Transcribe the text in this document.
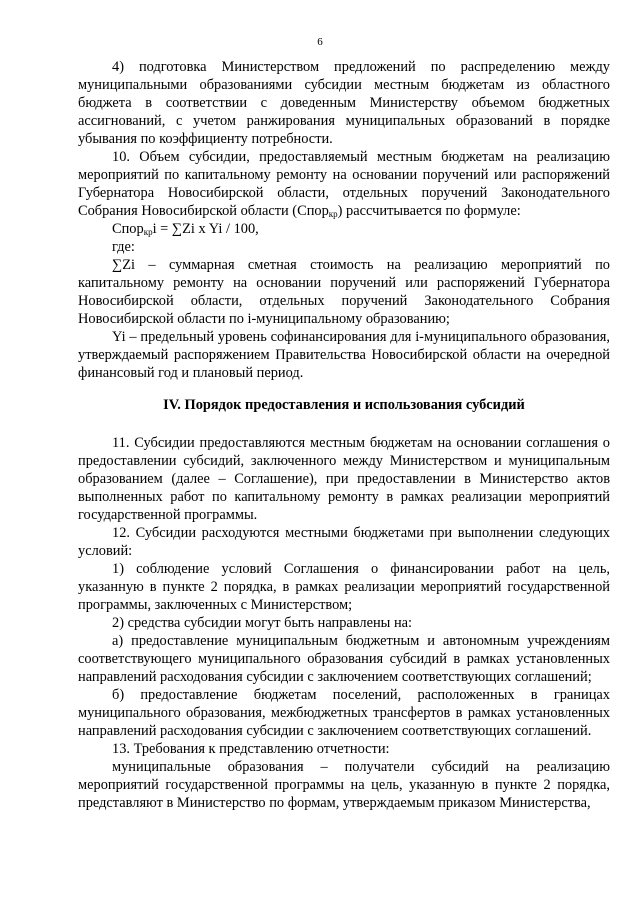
6

4) подготовка Министерством предложений по распределению между муниципальными образованиями субсидии местным бюджетам из областного бюджета в соответствии с доведенным Министерству объемом бюджетных ассигнований, с учетом ранжирования муниципальных образований в порядке убывания по коэффициенту потребности.

10. Объем субсидии, предоставляемый местным бюджетам на реализацию мероприятий по капитальному ремонту на основании поручений или распоряжений Губернатора Новосибирской области, отдельных поручений Законодательного Собрания Новосибирской области (Спор$_{кр}$) рассчитывается по формуле:

Спор$_{кр}$i = ∑Zi x Yi / 100,

где:

∑Zi – суммарная сметная стоимость на реализацию мероприятий по капитальному ремонту на основании поручений или распоряжений Губернатора Новосибирской области, отдельных поручений Законодательного Собрания Новосибирской области по i-муниципальному образованию;

Yi – предельный уровень софинансирования для i-муниципального образования, утверждаемый распоряжением Правительства Новосибирской области на очередной финансовый год и плановый период.

IV. Порядок предоставления и использования субсидий

11. Субсидии предоставляются местным бюджетам на основании соглашения о предоставлении субсидий, заключенного между Министерством и муниципальным образованием (далее – Соглашение), при предоставлении в Министерство актов выполненных работ по капитальному ремонту в рамках реализации мероприятий государственной программы.

12. Субсидии расходуются местными бюджетами при выполнении следующих условий:

1) соблюдение условий Соглашения о финансировании работ на цель, указанную в пункте 2 порядка, в рамках реализации мероприятий государственной программы, заключенных с Министерством;

2) средства субсидии могут быть направлены на:

а) предоставление муниципальным бюджетным и автономным учреждениям соответствующего муниципального образования субсидий в рамках установленных направлений расходования субсидии с заключением соответствующих соглашений;

б) предоставление бюджетам поселений, расположенных в границах муниципального образования, межбюджетных трансфертов в рамках установленных направлений расходования субсидии с заключением соответствующих соглашений.

13. Требования к представлению отчетности:

муниципальные образования – получатели субсидий на реализацию мероприятий государственной программы на цель, указанную в пункте 2 порядка, представляют в Министерство по формам, утверждаемым приказом Министерства,
